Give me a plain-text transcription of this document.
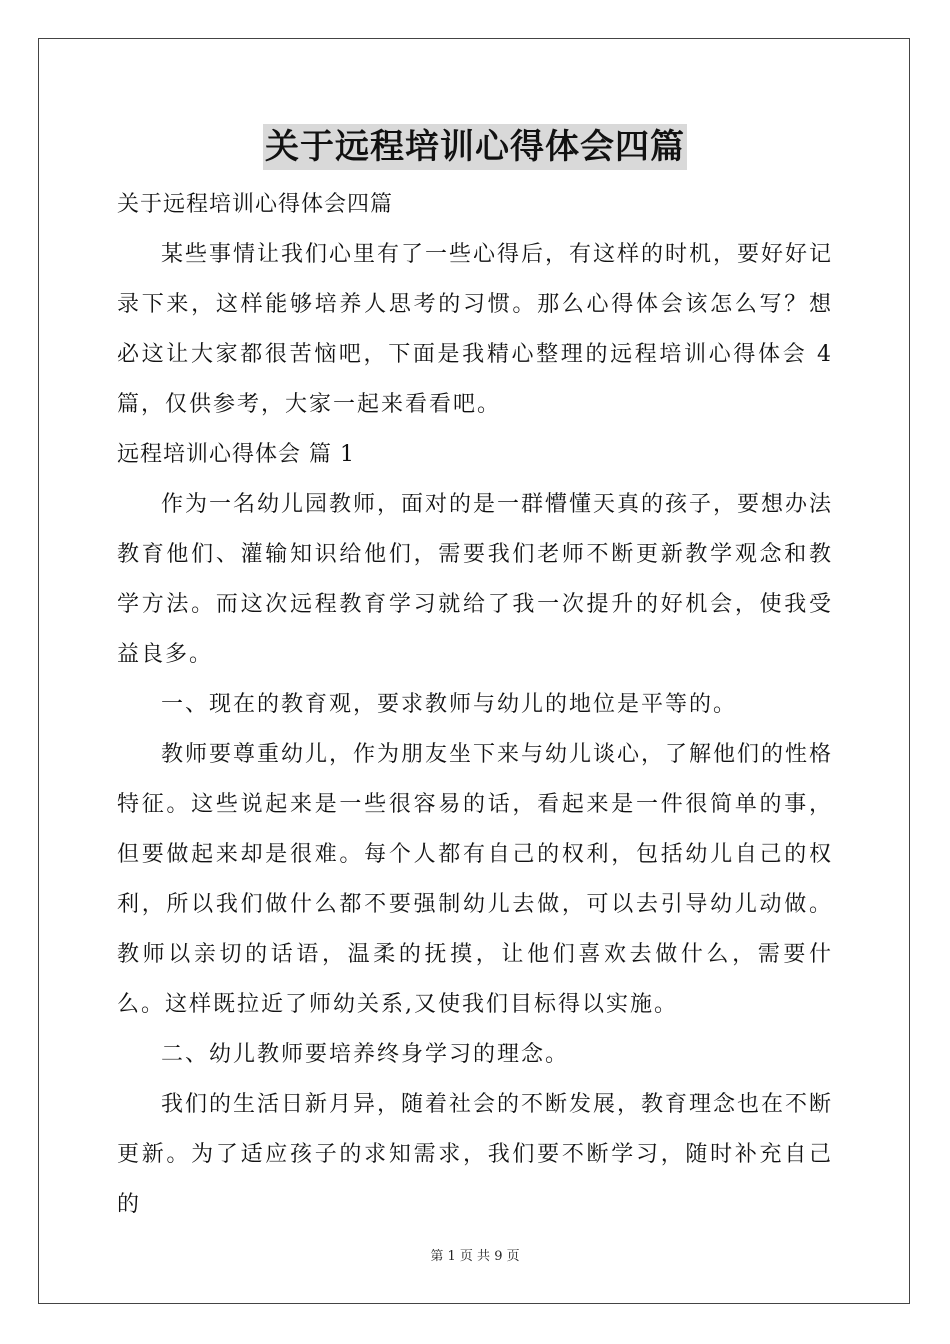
关于远程培训心得体会四篇

关于远程培训心得体会四篇

某些事情让我们心里有了一些心得后，有这样的时机，要好好记录下来，这样能够培养人思考的习惯。那么心得体会该怎么写？想必这让大家都很苦恼吧，下面是我精心整理的远程培训心得体会 4 篇，仅供参考，大家一起来看看吧。

远程培训心得体会 篇 1

作为一名幼儿园教师，面对的是一群懵懂天真的孩子，要想办法教育他们、灌输知识给他们，需要我们老师不断更新教学观念和教学方法。而这次远程教育学习就给了我一次提升的好机会，使我受益良多。

一、现在的教育观，要求教师与幼儿的地位是平等的。

教师要尊重幼儿，作为朋友坐下来与幼儿谈心，了解他们的性格特征。这些说起来是一些很容易的话，看起来是一件很简单的事，但要做起来却是很难。每个人都有自己的权利，包括幼儿自己的权利，所以我们做什么都不要强制幼儿去做，可以去引导幼儿动做。教师以亲切的话语，温柔的抚摸，让他们喜欢去做什么，需要什么。这样既拉近了师幼关系,又使我们目标得以实施。

二、幼儿教师要培养终身学习的理念。

我们的生活日新月异，随着社会的不断发展，教育理念也在不断更新。为了适应孩子的求知需求，我们要不断学习，随时补充自己的

第 1 页 共 9 页
